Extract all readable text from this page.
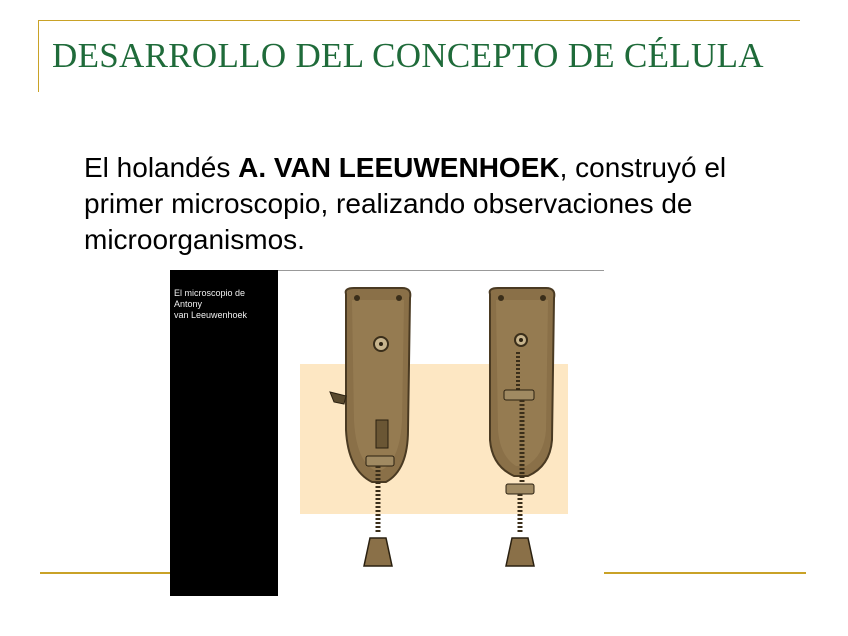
DESARROLLO DEL CONCEPTO DE CÉLULA

El holandés A. VAN LEEUWENHOEK, construyó el primer microscopio, realizando observaciones de microorganismos.

El microscopio de
Antony
van Leeuwenhoek
